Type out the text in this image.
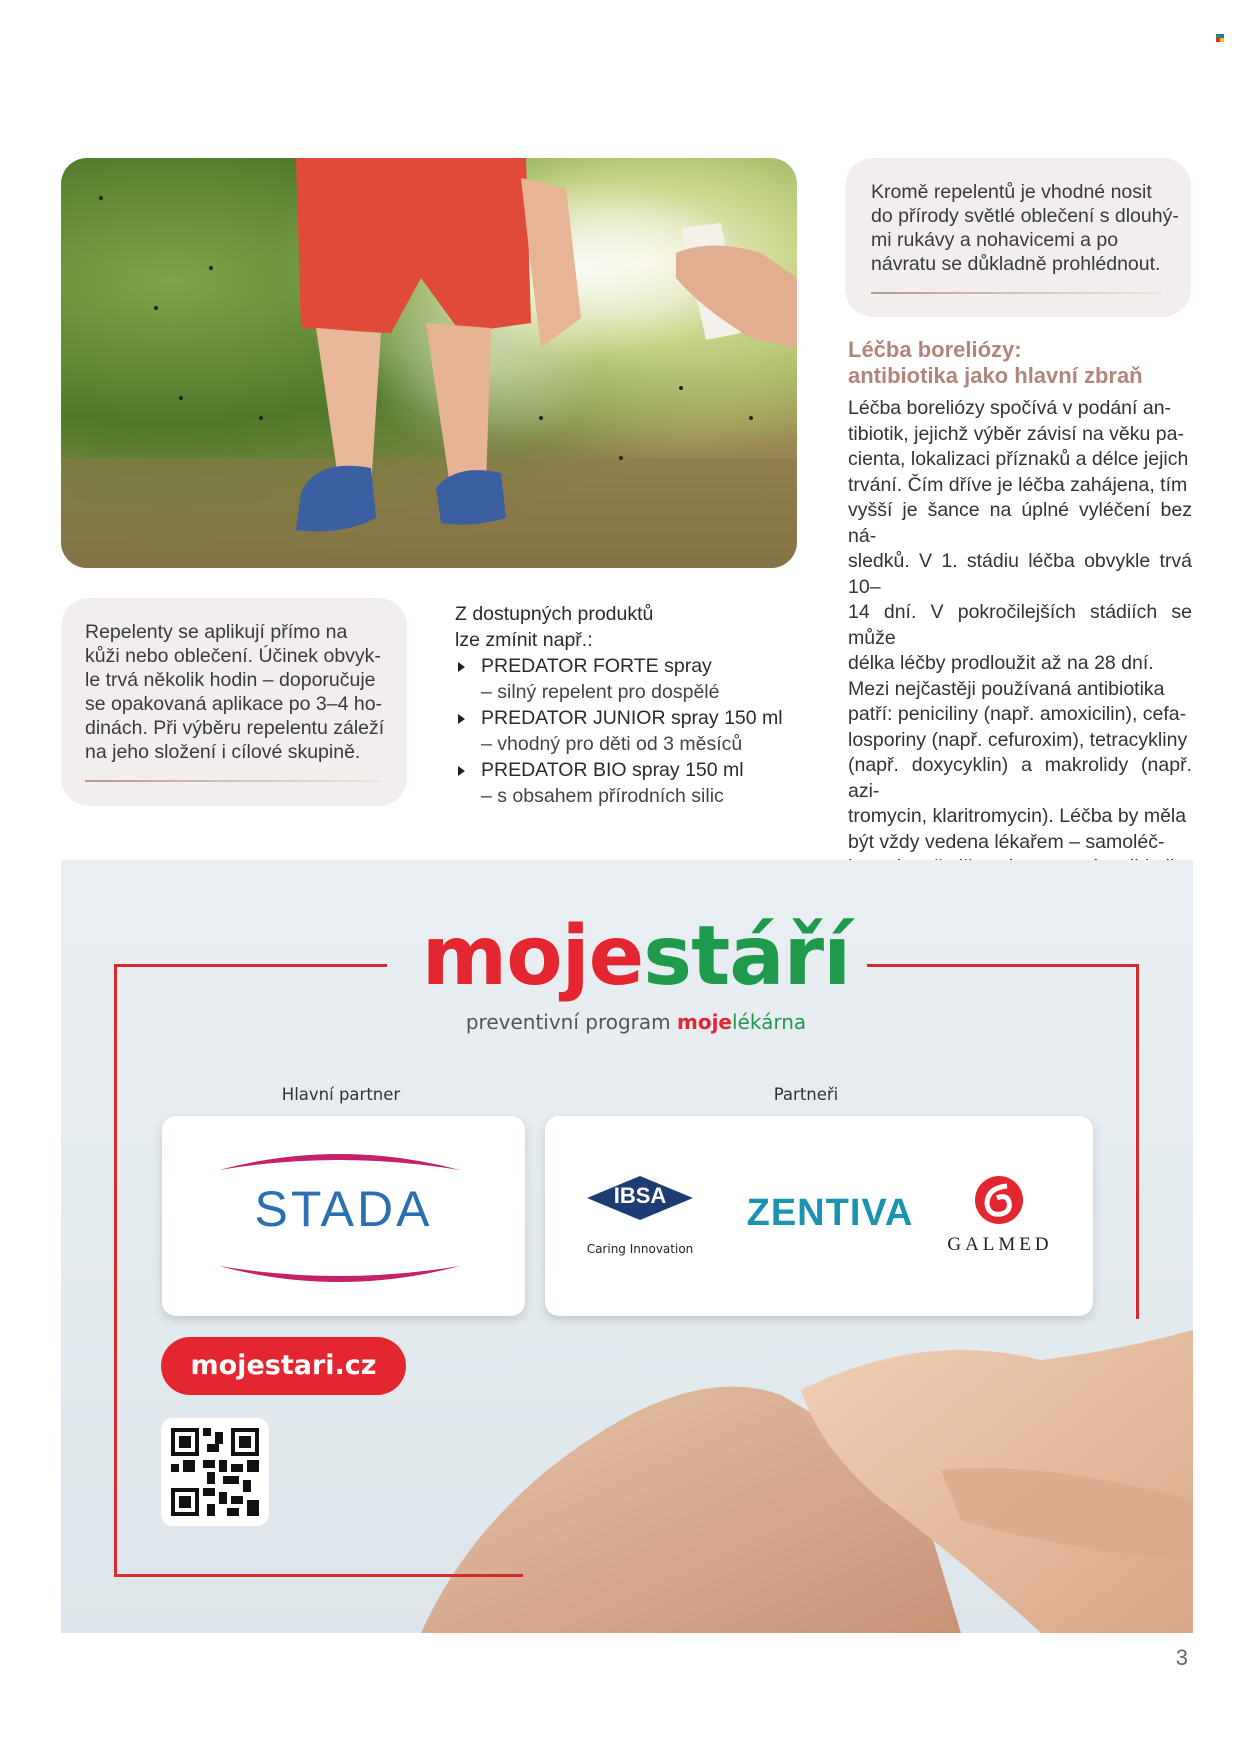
Kromě repelentů je vhodné nosit
do přírody světlé oblečení s dlouhý-
mi rukávy a nohavicemi a po
návratu se důkladně prohlédnout.
Léčba boreliózy:
antibiotika jako hlavní zbraň
Léčba boreliózy spočívá v podání an-
tibiotik, jejichž výběr závisí na věku pa-
cienta, lokalizaci příznaků a délce jejich
trvání. Čím dříve je léčba zahájena, tím
vyšší je šance na úplné vyléčení bez ná-
sledků. V 1. stádiu léčba obvykle trvá 10–
14 dní. V pokročilejších stádiích se může
délka léčby prodloužit až na 28 dní.
Mezi nejčastěji používaná antibiotika
patří: peniciliny (např. amoxicilin), cefa-
losporiny (např. cefuroxim), tetracykliny
(např. doxycyklin) a makrolidy (např. azi-
tromycin, klaritromycin). Léčba by měla
být vždy vedena lékařem – samoléč-
Repelenty se aplikují přímo na
kůži nebo oblečení. Účinek obvyk-
le trvá několik hodin – doporučuje
se opakovaná aplikace po 3–4 ho-
dinách. Při výběru repelentu záleží
na jeho složení i cílové skupině.
Z dostupných produktů
lze zmínit např.:
PREDATOR FORTE spray
– silný repelent pro dospělé
PREDATOR JUNIOR spray 150 ml
– vhodný pro děti od 3 měsíců
PREDATOR BIO spray 150 ml
– s obsahem přírodních silic
mojestáří
preventivní program mojelékárna
Hlavní partner	Partneři
STADA	IBSA
Caring Innovation
ZENTIVA
GALMED
mojestari.cz
3
